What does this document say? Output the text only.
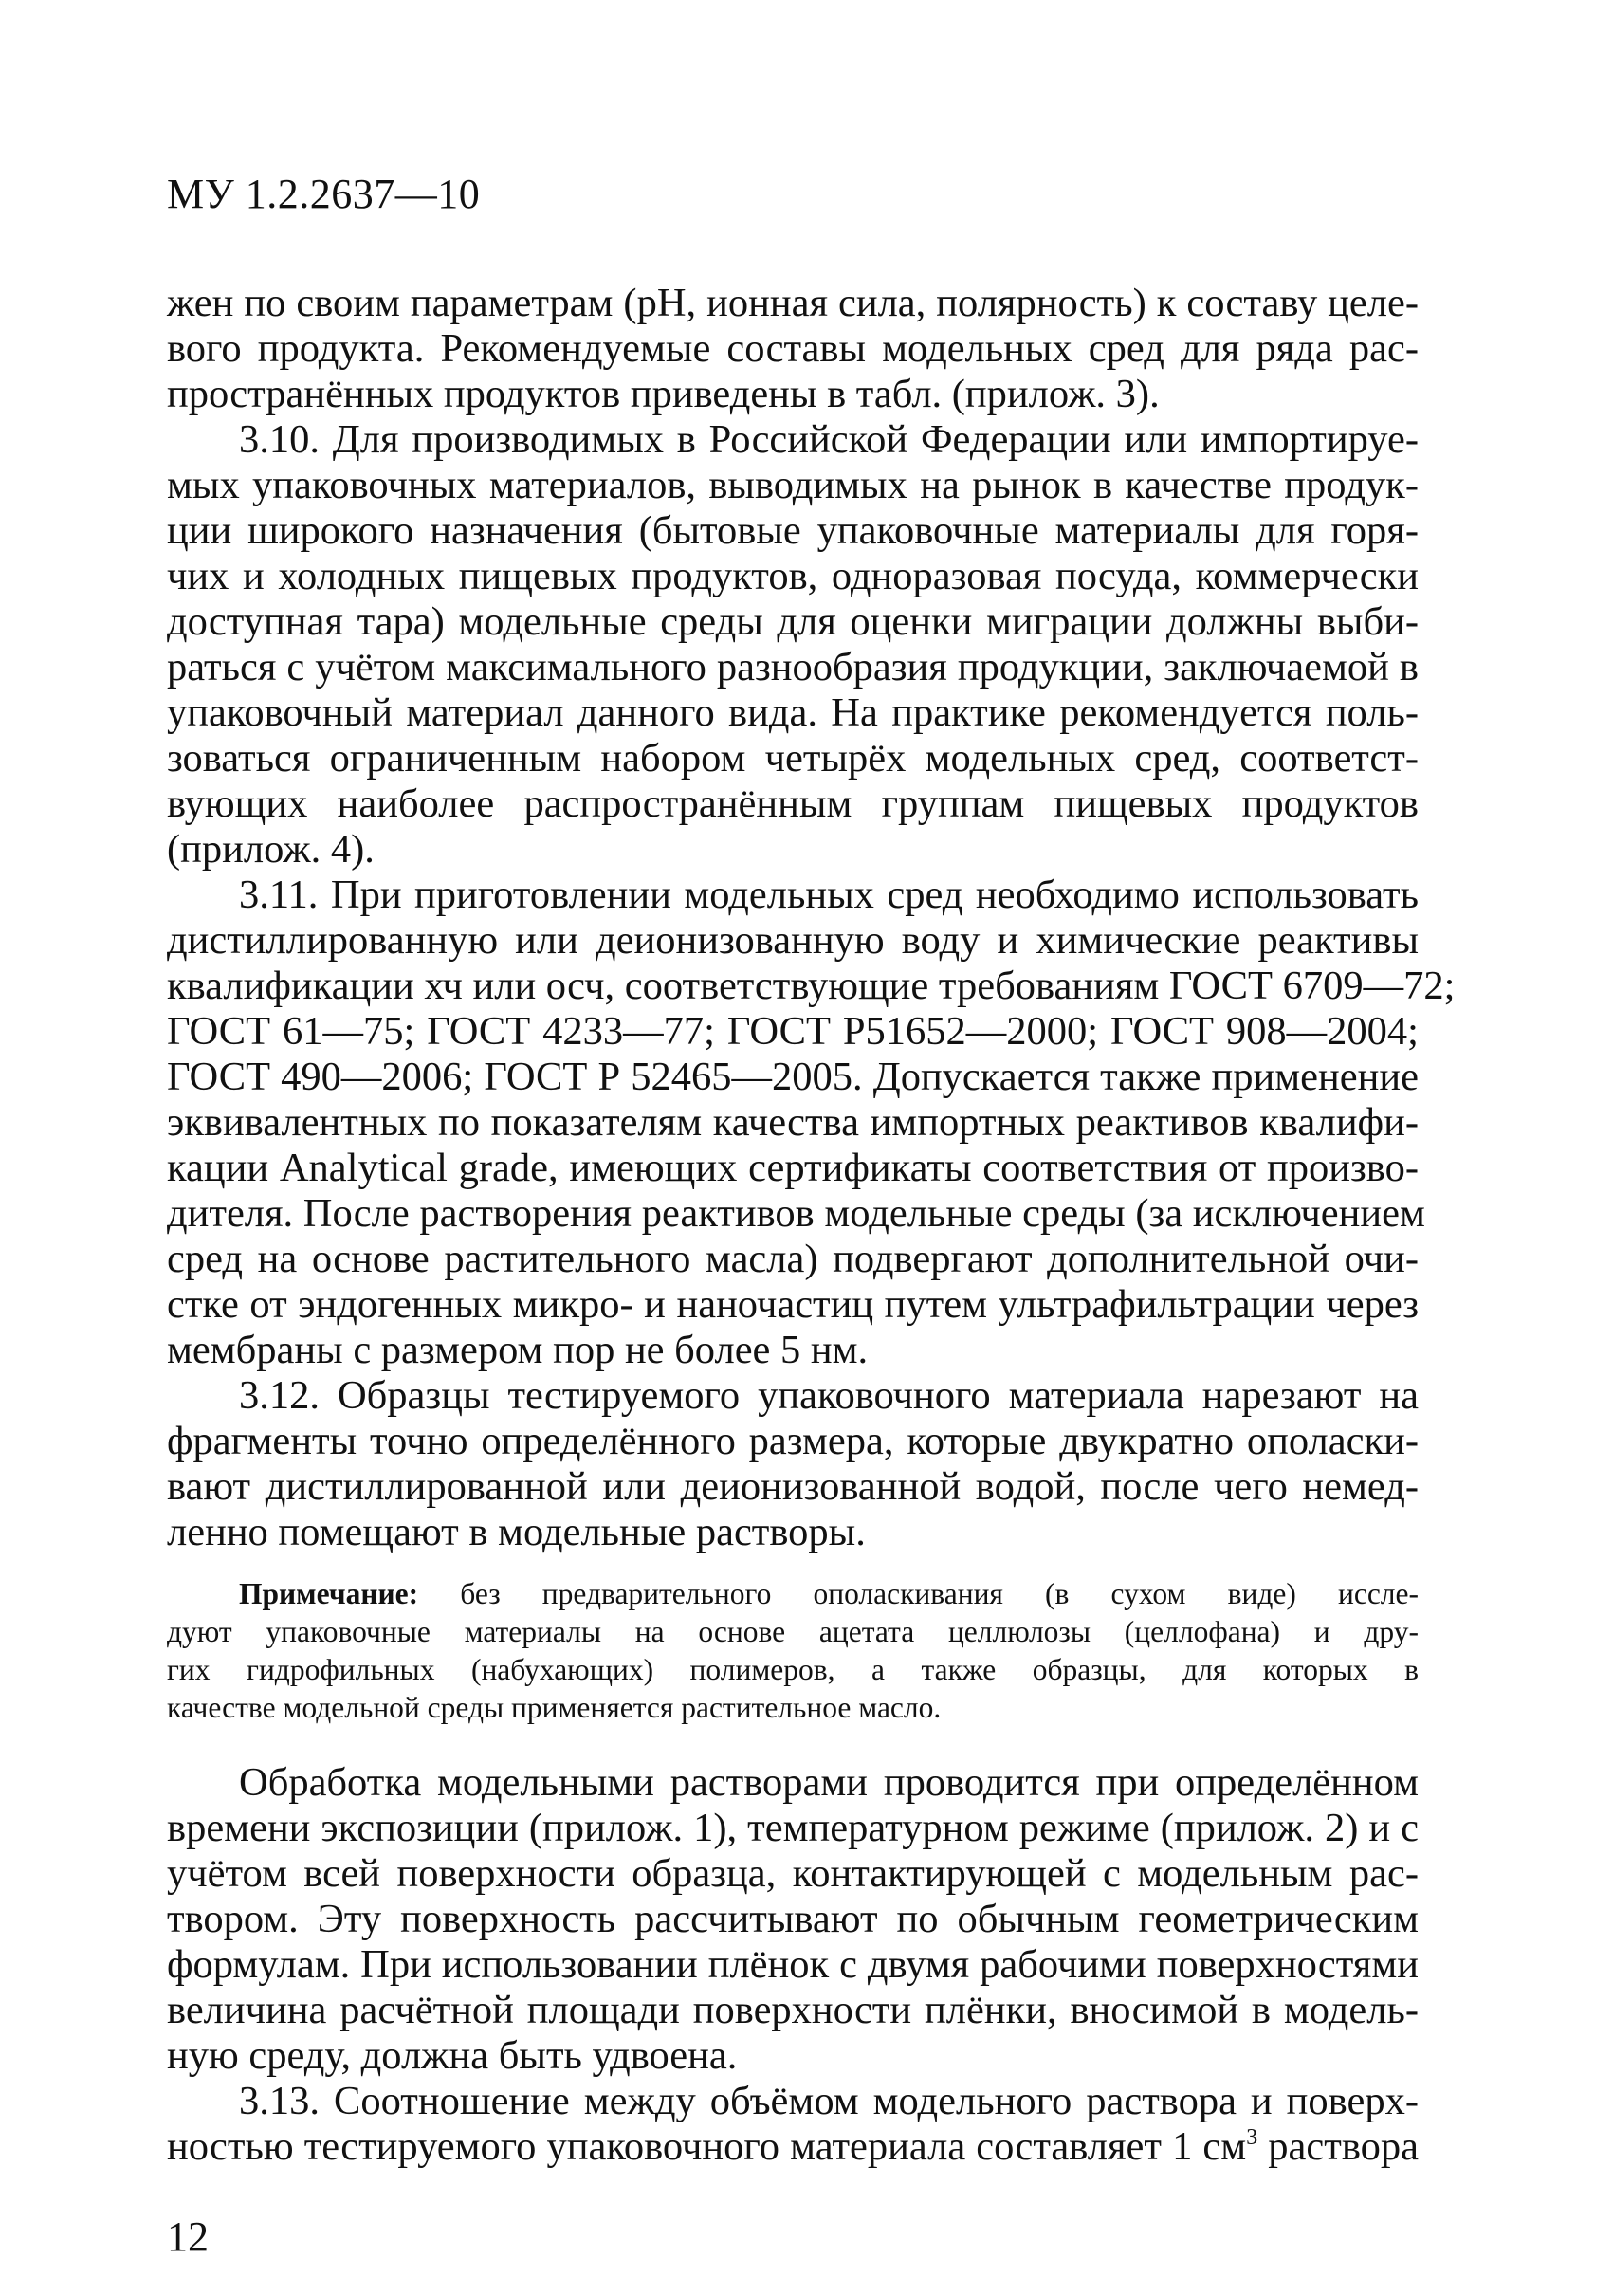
МУ 1.2.2637—10
жен по своим параметрам (pH, ионная сила, полярность) к составу целе-
вого продукта. Рекомендуемые составы модельных сред для ряда рас-
пространённых продуктов приведены в табл. (прилож. 3).
3.10. Для производимых в Российской Федерации или импортируе-
мых упаковочных материалов, выводимых на рынок в качестве продук-
ции широкого назначения (бытовые упаковочные материалы для горя-
чих и холодных пищевых продуктов, одноразовая посуда, коммерчески
доступная тара) модельные среды для оценки миграции должны выби-
раться с учётом максимального разнообразия продукции, заключаемой в
упаковочный материал данного вида. На практике рекомендуется поль-
зоваться ограниченным набором четырёх модельных сред, соответст-
вующих наиболее распространённым группам пищевых продуктов
(прилож. 4).
3.11. При приготовлении модельных сред необходимо использовать
дистиллированную или деионизованную воду и химические реактивы
квалификации хч или осч, соответствующие требованиям ГОСТ 6709—72;
ГОСТ 61—75; ГОСТ 4233—77; ГОСТ Р51652—2000; ГОСТ 908—2004;
ГОСТ 490—2006; ГОСТ Р 52465—2005. Допускается также применение
эквивалентных по показателям качества импортных реактивов квалифи-
кации Analytical grade, имеющих сертификаты соответствия от произво-
дителя. После растворения реактивов модельные среды (за исключением
сред на основе растительного масла) подвергают дополнительной очи-
стке от эндогенных микро- и наночастиц путем ультрафильтрации через
мембраны с размером пор не более 5 нм.
3.12. Образцы тестируемого упаковочного материала нарезают на
фрагменты точно определённого размера, которые двукратно ополаски-
вают дистиллированной или деионизованной водой, после чего немед-
ленно помещают в модельные растворы.
Примечание: без предварительного ополаскивания (в сухом виде) иссле-
дуют упаковочные материалы на основе ацетата целлюлозы (целлофана) и дру-
гих гидрофильных (набухающих) полимеров, а также образцы, для которых в
качестве модельной среды применяется растительное масло.
Обработка модельными растворами проводится при определённом
времени экспозиции (прилож. 1), температурном режиме (прилож. 2) и с
учётом всей поверхности образца, контактирующей с модельным рас-
твором. Эту поверхность рассчитывают по обычным геометрическим
формулам. При использовании плёнок с двумя рабочими поверхностями
величина расчётной площади поверхности плёнки, вносимой в модель-
ную среду, должна быть удвоена.
3.13. Соотношение между объёмом модельного раствора и поверх-
ностью тестируемого упаковочного материала составляет 1 $см^3$ раствора
12
